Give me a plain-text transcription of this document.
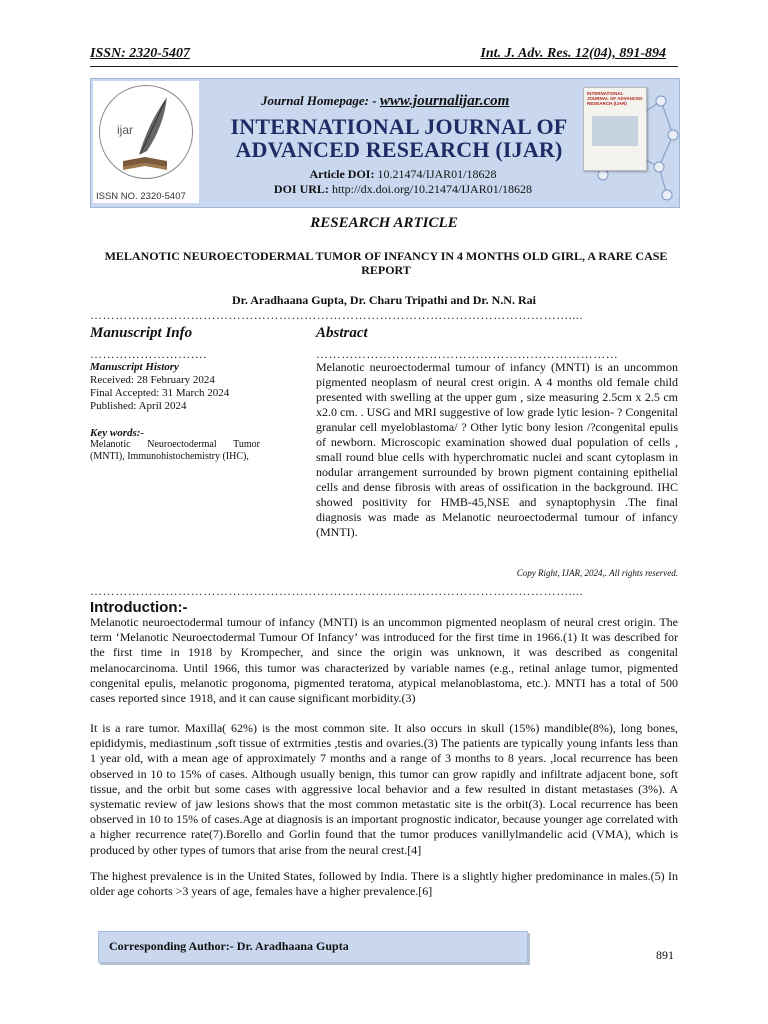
ISSN: 2320-5407	Int. J. Adv. Res. 12(04), 891-894
ijar
ISSN NO. 2320-5407
INTERNATIONAL JOURNAL OF ADVANCED RESEARCH (IJAR)
Journal Homepage: - www.journalijar.com
INTERNATIONAL JOURNAL OF ADVANCED RESEARCH (IJAR)
Article DOI: 10.21474/IJAR01/18628
DOI URL: http://dx.doi.org/10.21474/IJAR01/18628
RESEARCH ARTICLE
MELANOTIC NEUROECTODERMAL TUMOR OF INFANCY IN 4 MONTHS OLD GIRL, A RARE CASE REPORT
Dr. Aradhaana Gupta, Dr. Charu Tripathi and Dr. N.N. Rai
……………………………………………………………………………………………………....
Manuscript Info
……………………….
Manuscript History
Received: 28 February 2024
Final Accepted: 31 March 2024
Published: April 2024
Key words:-
Melanotic Neuroectodermal Tumor (MNTI), Immunohistochemistry (IHC),
Abstract
………………………………………………………………
Melanotic neuroectodermal tumour of infancy (MNTI) is an uncommon pigmented neoplasm of neural crest origin. A 4 months old female child presented with swelling at the upper gum , size measuring 2.5cm x 2.5 cm x2.0 cm. . USG and MRI suggestive of low grade lytic lesion- ? Congenital granular cell myeloblastoma/ ? Other lytic bony lesion /?congenital epulis of newborn. Microscopic examination showed dual population of cells , small round blue cells with hyperchromatic nuclei and scant cytoplasm in nodular arrangement surrounded by brown pigment containing epithelial cells and dense fibrosis with areas of ossification in the background. IHC showed positivity for HMB-45,NSE and synaptophysin .The final diagnosis was made as Melanotic neuroectodermal tumour of infancy (MNTI).
Copy Right, IJAR, 2024,. All rights reserved.
……………………………………………………………………………………………………....
Introduction:-
Melanotic neuroectodermal tumour of infancy (MNTI) is an uncommon pigmented neoplasm of neural crest origin. The term ‘Melanotic Neuroectodermal Tumour Of Infancy’ was introduced for the first time in 1966.(1) It was described for the first time in 1918 by Krompecher, and since the origin was unknown, it was described as congenital melanocarcinoma. Until 1966, this tumor was characterized by variable names (e.g., retinal anlage tumor, pigmented congenital epulis, melanotic progonoma, pigmented teratoma, atypical melanoblastoma, etc.). MNTI has a total of 500 cases reported since 1918, and it can cause significant morbidity.(3)
It is a rare tumor. Maxilla( 62%) is the most common site. It also occurs in skull (15%) mandible(8%), long bones, epididymis, mediastinum ,soft tissue of extrmities ,testis and ovaries.(3) The patients are typically young infants less than 1 year old, with a mean age of approximately 7 months and a range of 3 months to 8 years. ,local recurrence has been observed in 10 to 15% of cases. Although usually benign, this tumor can grow rapidly and infiltrate adjacent bone, soft tissue, and the orbit but some cases with aggressive local behavior and a few resulted in distant metastases (3%). A systematic review of jaw lesions shows that the most common metastatic site is the orbit(3). Local recurrence has been observed in 10 to 15% of cases.Age at diagnosis is an important prognostic indicator, because younger age correlated with a higher recurrence rate(7).Borello and Gorlin found that the tumor produces vanillylmandelic acid (VMA), which is produced by other types of tumors that arise from the neural crest.[4]
The highest prevalence is in the United States, followed by India. There is a slightly higher predominance in males.(5) In older age cohorts >3 years of age, females have a higher prevalence.[6]
Corresponding Author:- Dr. Aradhaana Gupta
891
